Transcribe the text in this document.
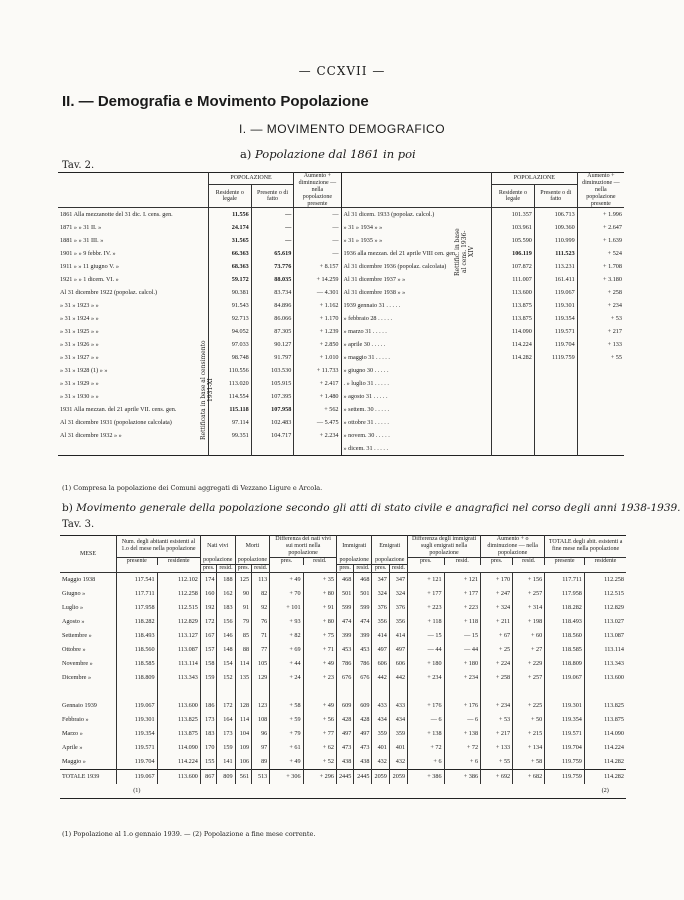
— CCXVII —
II. — Demografia e Movimento Popolazione
I. — MOVIMENTO DEMOGRAFICO
a) Popolazione dal 1861 in poi
Tav. 2.
	POPOLAZIONE		Aumento + diminuzione — nella popolazione presente		POPOLAZIONE		Aumento + diminuzione — nella popolazione presente
	Residente o legale	Presente o di fatto			Residente o legale	Presente o di fatto	
1861 Alla mezzanotte del 31 dic. I. cens. gen.	11.556	—	—	Al 31 dicem. 1933 (popolaz. calcol.)	101.357	106.713	+ 1.996
1871 » » 31 II. »	24.174	—	—	» 31 » 1934 » »	103.961	109.360	+ 2.647
1881 » » 31 III. »	31.565	—	—	» 31 » 1935 » »	105.590	110.999	+ 1.639
1901 » » 9 febbr. IV. »	66.363	65.619	—	1936 alla mezzan. del 21 aprile VIII cen. gen.	106.119	111.523	+ 524
1911 » » 11 giugno V. »	68.363	73.776	+ 8.157	Al 31 dicembre 1936 (popolaz. calcolata)	107.872	113.231	+ 1.708
1921 » » 1 dicem. VI. »	59.172	88.035	+ 14.259	Al 31 dicembre 1937 » »	111.007	161.411	+ 3.180
Al 31 dicembre 1922 (popolaz. calcol.)	90.381	83.734	— 4.301	Al 31 dicembre 1938 » »	113.600	119.067	+ 258
» 31 » 1923 » »	91.543	84.896	+ 1.162	1939 gennaio 31 . . . . .	113.875	119.301	+ 234
» 31 » 1924 » »	92.713	86.066	+ 1.170	» febbraio 28 . . . . .	113.875	119.354	+ 53
» 31 » 1925 » »	94.052	87.305	+ 1.239	» marzo 31 . . . . .	114.090	119.571	+ 217
» 31 » 1926 » »	97.033	90.127	+ 2.850	» aprile 30 . . . . .	114.224	119.704	+ 133
» 31 » 1927 » »	98.748	91.797	+ 1.010	» maggio 31 . . . . .	114.282	1119.759	+ 55
» 31 » 1928 (1) » »	110.556	103.530	+ 11.733	» giugno 30 . . . . .			
» 31 » 1929 » »	113.020	105.915	+ 2.417	. » luglio 31 . . . . .			
» 31 » 1930 » »	114.554	107.395	+ 1.480	» agosto 31 . . . . .			
1931 Alla mezzan. del 21 aprile VII. cens. gen.	115.118	107.958	+ 562	» settem. 30 . . . . .			
Al 31 dicembre 1931 (popolazione calcolata)	97.114	102.483	— 5.475	» ottobre 31 . . . . .			
Al 31 dicembre 1932 » »	99.351	104.717	+ 2.234	» novem. 30 . . . . .			
				» dicem. 31 . . . . .			
Rettificata in base al censimento 1931-XI
Rettific. in base al cens. 1936-XIV
(1) Compresa la popolazione dei Comuni aggregati di Vezzano Ligure e Arcola.
b) Movimento generale della popolazione secondo gli atti di stato civile e anagrafici nel corso degli anni 1938-1939.
Tav. 3.
MESE	Num. degli abitanti esistenti al 1.o del mese nella popolazione		Nati vivi		Morti		Differenza dei nati vivi sui morti nella popolazione		Immigrati		Emigrati		Differenza degli immigrati sugli emigrati nella popolazione		Aumento + o diminuzione — nella popolazione		TOTALE degli abit. esistenti a fine mese nella popolazione	
	presente	residente	popolazione		popolazione		pres.	resid.	popolazione		popolazione		pres.	resid.	pres.	resid.	presente	residente
			pres.	resid.	pres.	resid.			pres.	resid.	pres.	resid.						
Maggio 1938	117.541	112.102	174	188	125	113	+ 49	+ 35	468	468	347	347	+ 121	+ 121	+ 170	+ 156	117.711	112.258
Giugno »	117.711	112.258	160	162	90	82	+ 70	+ 80	501	501	324	324	+ 177	+ 177	+ 247	+ 257	117.958	112.515
Luglio »	117.958	112.515	192	183	91	92	+ 101	+ 91	599	599	376	376	+ 223	+ 223	+ 324	+ 314	118.282	112.829
Agosto »	118.282	112.829	172	156	79	76	+ 93	+ 80	474	474	356	356	+ 118	+ 118	+ 211	+ 198	118.493	113.027
Settembre »	118.493	113.127	167	146	85	71	+ 82	+ 75	399	399	414	414	— 15	— 15	+ 67	+ 60	118.560	113.087
Ottobre »	118.560	113.087	157	148	88	77	+ 69	+ 71	453	453	497	497	— 44	— 44	+ 25	+ 27	118.585	113.114
Novembre »	118.585	113.114	158	154	114	105	+ 44	+ 49	786	786	606	606	+ 180	+ 180	+ 224	+ 229	118.809	113.343
Dicembre »	118.809	113.343	159	152	135	129	+ 24	+ 23	676	676	442	442	+ 234	+ 234	+ 258	+ 257	119.067	113.600

Gennaio 1939	119.067	113.600	186	172	128	123	+ 58	+ 49	609	609	433	433	+ 176	+ 176	+ 234	+ 225	119.301	113.825
Febbraio »	119.301	113.825	173	164	114	108	+ 59	+ 56	428	428	434	434	— 6	— 6	+ 53	+ 50	119.354	113.875
Marzo »	119.354	113.875	183	173	104	96	+ 79	+ 77	497	497	359	359	+ 138	+ 138	+ 217	+ 215	119.571	114.090
Aprile »	119.571	114.090	170	159	109	97	+ 61	+ 62	473	473	401	401	+ 72	+ 72	+ 133	+ 134	119.704	114.224
Maggio »	119.704	114.224	155	141	106	89	+ 49	+ 52	438	438	432	432	+ 6	+ 6	+ 55	+ 58	119.759	114.282
TOTALE 1939	119.067	113.600	867	809	561	513	+ 306	+ 296	2445	2445	2059	2059	+ 386	+ 386	+ 692	+ 682	119.759	114.282
	(1)																	(2)
(1) Popolazione al 1.o gennaio 1939. — (2) Popolazione a fine mese corrente.
